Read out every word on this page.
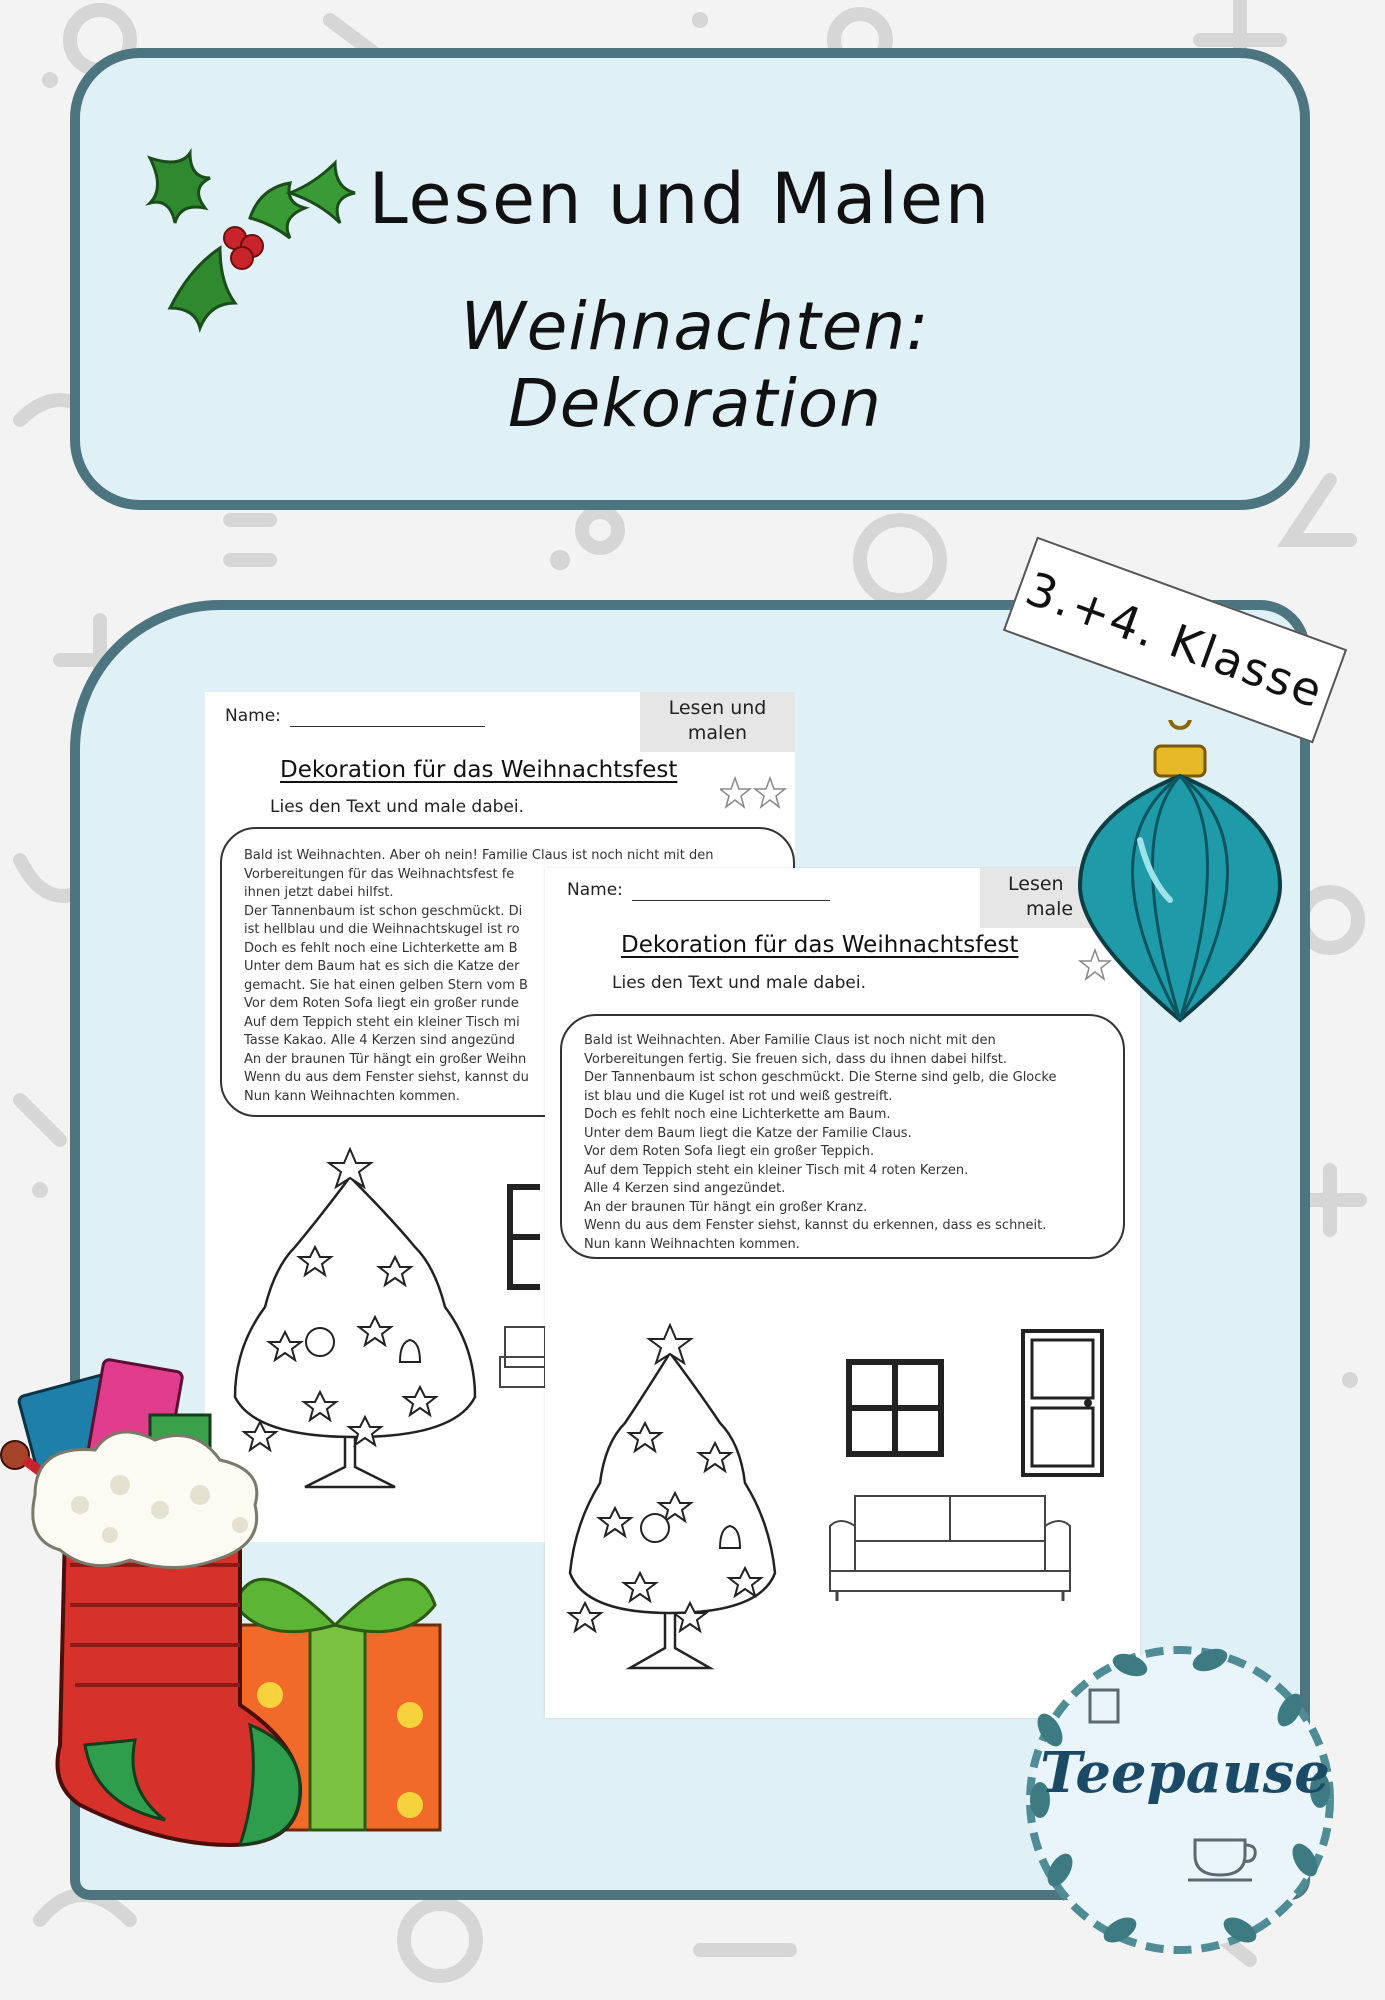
Lesen und Malen
Weihnachten: Dekoration
Name:	Lesen und
malen
Dekoration für das Weihnachtsfest
Lies den Text und male dabei.

Bald ist Weihnachten. Aber oh nein! Familie Claus ist noch nicht mit den

Vorbereitungen für das Weihnachtsfest fe

ihnen jetzt dabei hilfst.

Der Tannenbaum ist schon geschmückt. Di

ist hellblau und die Weihnachtskugel ist ro

Doch es fehlt noch eine Lichterkette am B

Unter dem Baum hat es sich die Katze der

gemacht. Sie hat einen gelben Stern vom B

Vor dem Roten Sofa liegt ein großer runde

Auf dem Teppich steht ein kleiner Tisch mi

Tasse Kakao. Alle 4 Kerzen sind angezünd

An der braunen Tür hängt ein großer Weihn

Wenn du aus dem Fenster siehst, kannst du

Nun kann Weihnachten kommen.

Name:	Lesen
male
Dekoration für das Weihnachtsfest
Lies den Text und male dabei.

Bald ist Weihnachten. Aber Familie Claus ist noch nicht mit den

Vorbereitungen fertig. Sie freuen sich, dass du ihnen dabei hilfst.

Der Tannenbaum ist schon geschmückt. Die Sterne sind gelb, die Glocke

ist blau und die Kugel ist rot und weiß gestreift.

Doch es fehlt noch eine Lichterkette am Baum.

Unter dem Baum liegt die Katze der Familie Claus.

Vor dem Roten Sofa liegt ein großer Teppich.

Auf dem Teppich steht ein kleiner Tisch mit 4 roten Kerzen.

Alle 4 Kerzen sind angezündet.

An der braunen Tür hängt ein großer Kranz.

Wenn du aus dem Fenster siehst, kannst du erkennen, dass es schneit.

Nun kann Weihnachten kommen.

3.+4. Klasse
Teepause
